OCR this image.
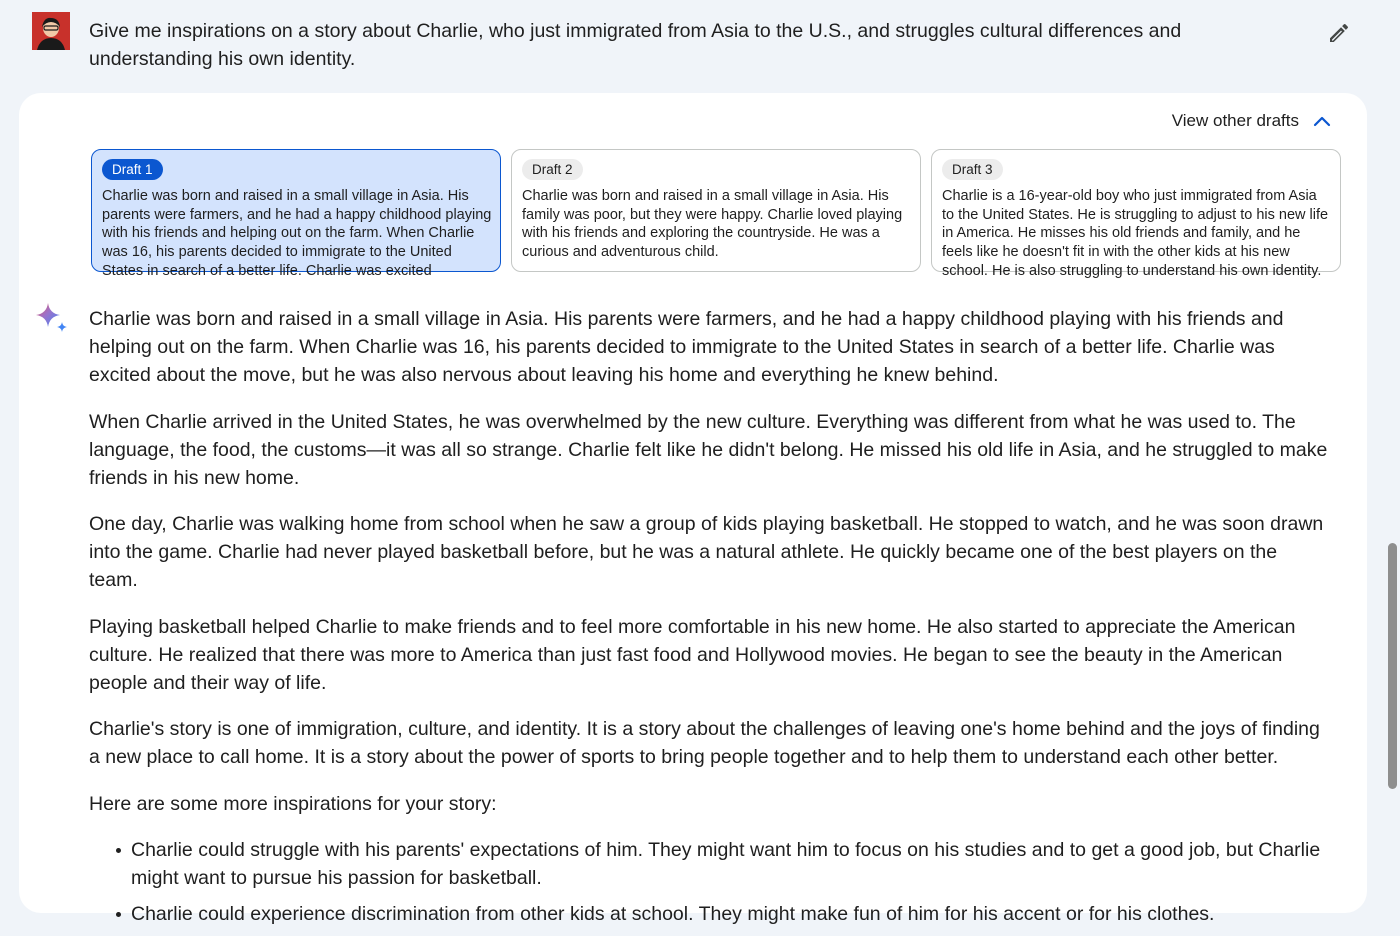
Give me inspirations on a story about Charlie, who just immigrated from Asia to the U.S., and struggles cultural differences and understanding his own identity.
View other drafts
Draft 1
Charlie was born and raised in a small village in Asia. His parents were farmers, and he had a happy childhood playing with his friends and helping out on the farm. When Charlie was 16, his parents decided to immigrate to the United States in search of a better life. Charlie was excited
Draft 2
Charlie was born and raised in a small village in Asia. His family was poor, but they were happy. Charlie loved playing with his friends and exploring the countryside. He was a curious and adventurous child.
Draft 3
Charlie is a 16-year-old boy who just immigrated from Asia to the United States. He is struggling to adjust to his new life in America. He misses his old friends and family, and he feels like he doesn't fit in with the other kids at his new school. He is also struggling to understand his own identity.

Charlie was born and raised in a small village in Asia. His parents were farmers, and he had a happy childhood playing with his friends and helping out on the farm. When Charlie was 16, his parents decided to immigrate to the United States in search of a better life. Charlie was excited about the move, but he was also nervous about leaving his home and everything he knew behind.

When Charlie arrived in the United States, he was overwhelmed by the new culture. Everything was different from what he was used to. The language, the food, the customs—it was all so strange. Charlie felt like he didn't belong. He missed his old life in Asia, and he struggled to make friends in his new home.

One day, Charlie was walking home from school when he saw a group of kids playing basketball. He stopped to watch, and he was soon drawn into the game. Charlie had never played basketball before, but he was a natural athlete. He quickly became one of the best players on the team.

Playing basketball helped Charlie to make friends and to feel more comfortable in his new home. He also started to appreciate the American culture. He realized that there was more to America than just fast food and Hollywood movies. He began to see the beauty in the American people and their way of life.

Charlie's story is one of immigration, culture, and identity. It is a story about the challenges of leaving one's home behind and the joys of finding a new place to call home. It is a story about the power of sports to bring people together and to help them to understand each other better.

Here are some more inspirations for your story:

Charlie could struggle with his parents' expectations of him. They might want him to focus on his studies and to get a good job, but Charlie might want to pursue his passion for basketball.
Charlie could experience discrimination from other kids at school. They might make fun of him for his accent or for his clothes.
